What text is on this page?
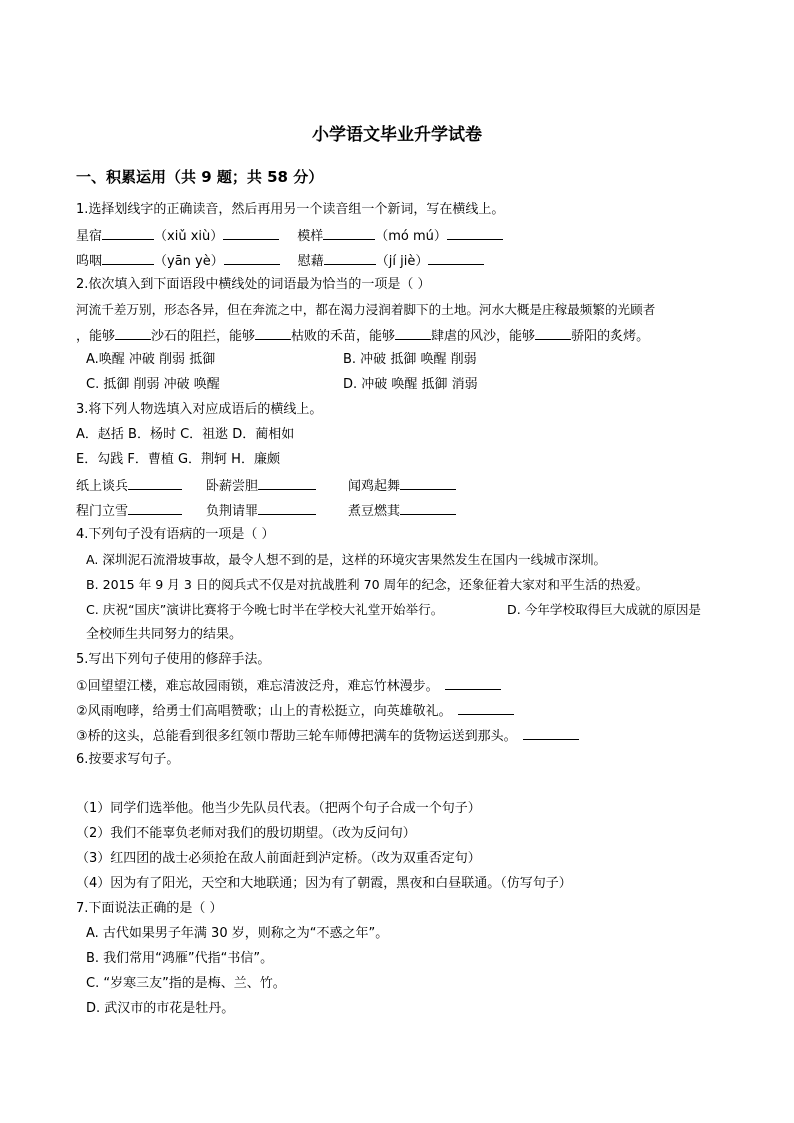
小学语文毕业升学试卷
一、积累运用（共 9 题；共 58 分）
1.选择划线字的正确读音，然后再用另一个读音组一个新词，写在横线上。
星宿	（xiǔ xiù）	模样	（mó mú）
呜咽	（yān yè）	慰藉	（jí jiè）
2.依次填入到下面语段中横线处的词语最为恰当的一项是（ ）
河流千差万别，形态各异，但在奔流之中，都在渴力浸润着脚下的土地。河水大概是庄稼最频繁的光顾者
，能够	沙石的阻拦，能够	枯败的禾苗，能够	肆虐的风沙，能够	骄阳的炙烤。
A.唤醒 冲破 削弱 抵御	B. 冲破 抵御 唤醒 削弱
C. 抵御 削弱 冲破 唤醒	D. 冲破 唤醒 抵御 消弱
3.将下列人物选填入对应成语后的横线上。
A．赵括 B．杨时 C．祖逖 D．蔺相如
E．勾践 F．曹植 G．荆轲 H．廉颇
纸上谈兵	卧薪尝胆	闻鸡起舞
程门立雪	负荆请罪	煮豆燃萁
4.下列句子没有语病的一项是（ ）
A. 深圳泥石流滑坡事故，最令人想不到的是，这样的环境灾害果然发生在国内一线城市深圳。
B. 2015 年 9 月 3 日的阅兵式不仅是对抗战胜利 70 周年的纪念，还象征着大家对和平生活的热爱。
C. 庆祝“国庆”演讲比赛将于今晚七时半在学校大礼堂开始举行。	D. 今年学校取得巨大成就的原因是
全校师生共同努力的结果。
5.写出下列句子使用的修辞手法。
①回望望江楼，难忘故园雨锁，难忘清波泛舟，难忘竹林漫步。
②风雨咆哮，给勇士们高唱赞歌；山上的青松挺立，向英雄敬礼。
③桥的这头，总能看到很多红领巾帮助三轮车师傅把满车的货物运送到那头。
6.按要求写句子。
（1）同学们选举他。他当少先队员代表。（把两个句子合成一个句子）
（2）我们不能辜负老师对我们的殷切期望。（改为反问句）
（3）红四团的战士必须抢在敌人前面赶到泸定桥。（改为双重否定句）
（4）因为有了阳光，天空和大地联通；因为有了朝霞，黑夜和白昼联通。（仿写句子）
7.下面说法正确的是（ ）
A. 古代如果男子年满 30 岁，则称之为“不惑之年”。
B. 我们常用“鸿雁”代指“书信”。
C. “岁寒三友”指的是梅、兰、竹。
D. 武汉市的市花是牡丹。
